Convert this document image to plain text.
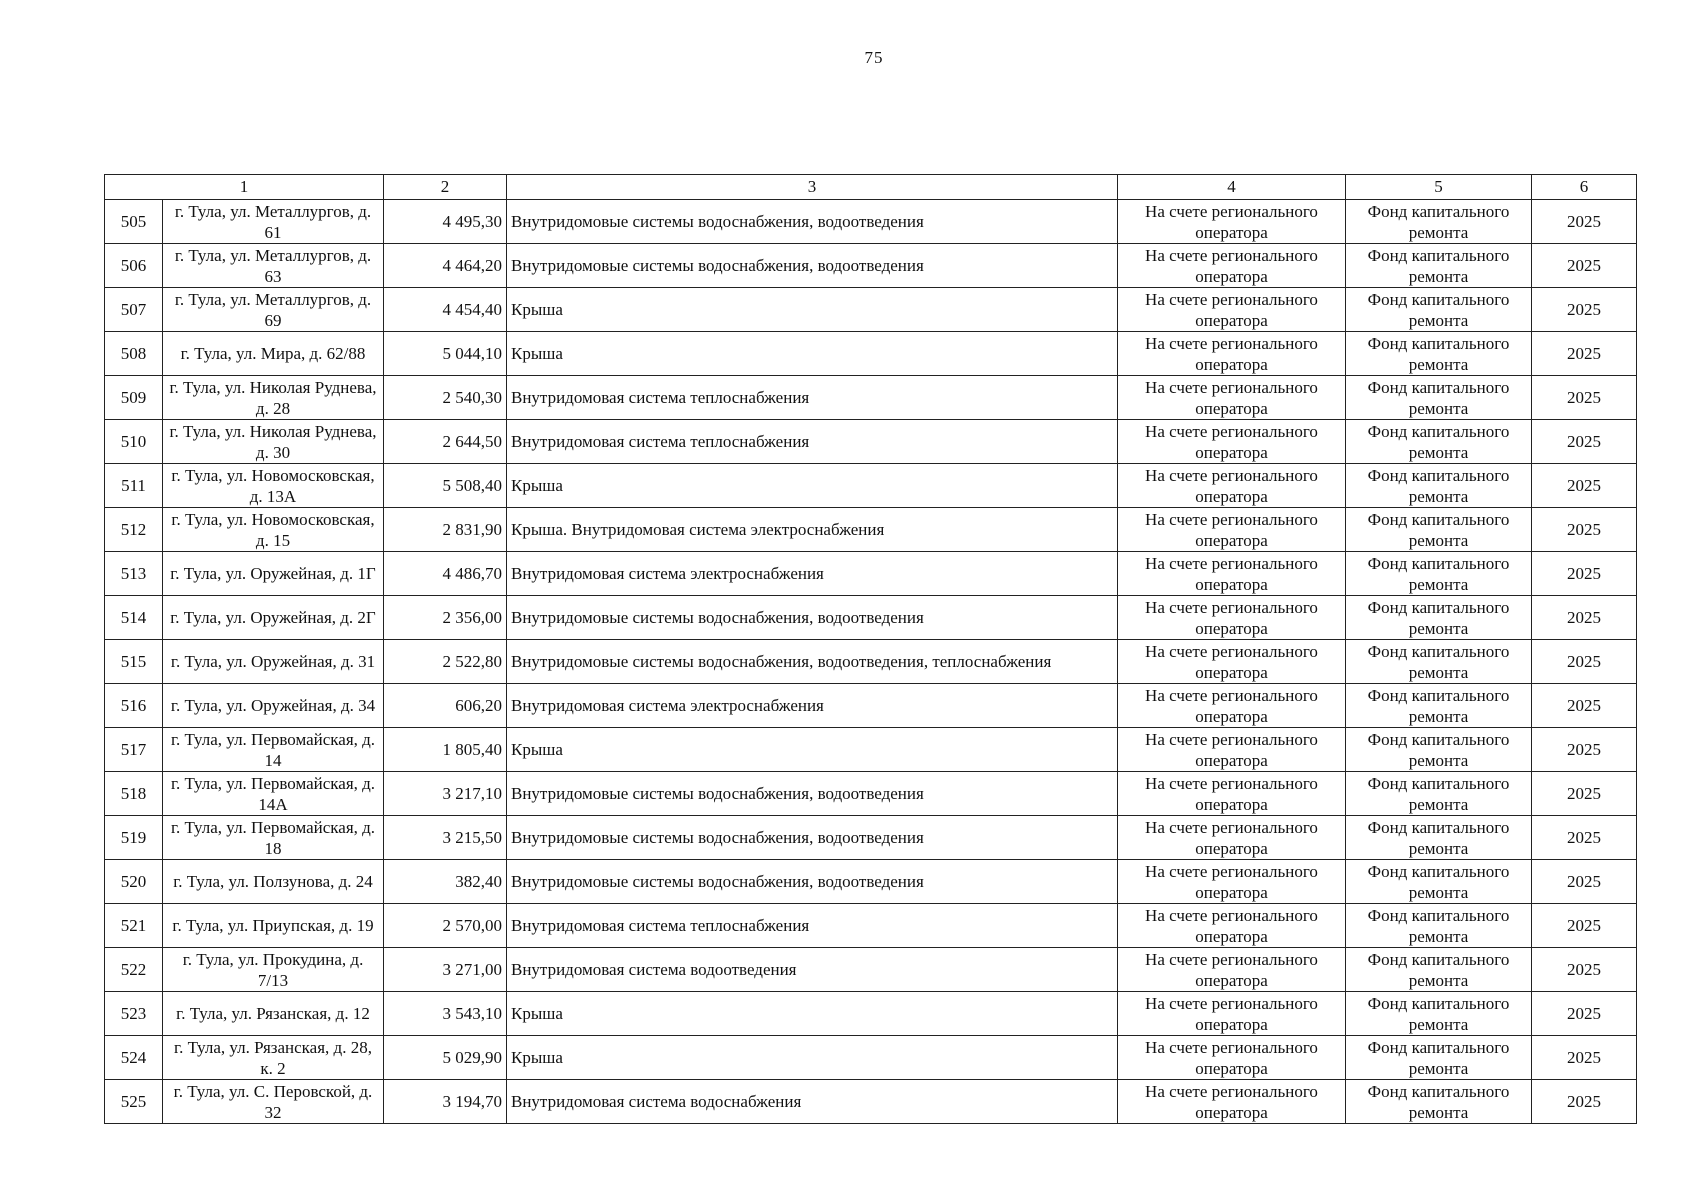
75
1		2	3	4	5	6
505	г. Тула, ул. Металлургов, д. 61	4 495,30	Внутридомовые системы водоснабжения, водоотведения	На счете регионального оператора	Фонд капитального ремонта	2025
506	г. Тула, ул. Металлургов, д. 63	4 464,20	Внутридомовые системы водоснабжения, водоотведения	На счете регионального оператора	Фонд капитального ремонта	2025
507	г. Тула, ул. Металлургов, д. 69	4 454,40	Крыша	На счете регионального оператора	Фонд капитального ремонта	2025
508	г. Тула, ул. Мира, д. 62/88	5 044,10	Крыша	На счете регионального оператора	Фонд капитального ремонта	2025
509	г. Тула, ул. Николая Руднева, д. 28	2 540,30	Внутридомовая система теплоснабжения	На счете регионального оператора	Фонд капитального ремонта	2025
510	г. Тула, ул. Николая Руднева, д. 30	2 644,50	Внутридомовая система теплоснабжения	На счете регионального оператора	Фонд капитального ремонта	2025
511	г. Тула, ул. Новомосковская, д. 13А	5 508,40	Крыша	На счете регионального оператора	Фонд капитального ремонта	2025
512	г. Тула, ул. Новомосковская, д. 15	2 831,90	Крыша. Внутридомовая система электроснабжения	На счете регионального оператора	Фонд капитального ремонта	2025
513	г. Тула, ул. Оружейная, д. 1Г	4 486,70	Внутридомовая система электроснабжения	На счете регионального оператора	Фонд капитального ремонта	2025
514	г. Тула, ул. Оружейная, д. 2Г	2 356,00	Внутридомовые системы водоснабжения, водоотведения	На счете регионального оператора	Фонд капитального ремонта	2025
515	г. Тула, ул. Оружейная, д. 31	2 522,80	Внутридомовые системы водоснабжения, водоотведения, теплоснабжения	На счете регионального оператора	Фонд капитального ремонта	2025
516	г. Тула, ул. Оружейная, д. 34	606,20	Внутридомовая система электроснабжения	На счете регионального оператора	Фонд капитального ремонта	2025
517	г. Тула, ул. Первомайская, д. 14	1 805,40	Крыша	На счете регионального оператора	Фонд капитального ремонта	2025
518	г. Тула, ул. Первомайская, д. 14А	3 217,10	Внутридомовые системы водоснабжения, водоотведения	На счете регионального оператора	Фонд капитального ремонта	2025
519	г. Тула, ул. Первомайская, д. 18	3 215,50	Внутридомовые системы водоснабжения, водоотведения	На счете регионального оператора	Фонд капитального ремонта	2025
520	г. Тула, ул. Ползунова, д. 24	382,40	Внутридомовые системы водоснабжения, водоотведения	На счете регионального оператора	Фонд капитального ремонта	2025
521	г. Тула, ул. Приупская, д. 19	2 570,00	Внутридомовая система теплоснабжения	На счете регионального оператора	Фонд капитального ремонта	2025
522	г. Тула, ул. Прокудина, д. 7/13	3 271,00	Внутридомовая система водоотведения	На счете регионального оператора	Фонд капитального ремонта	2025
523	г. Тула, ул. Рязанская, д. 12	3 543,10	Крыша	На счете регионального оператора	Фонд капитального ремонта	2025
524	г. Тула, ул. Рязанская, д. 28, к. 2	5 029,90	Крыша	На счете регионального оператора	Фонд капитального ремонта	2025
525	г. Тула, ул. С. Перовской, д. 32	3 194,70	Внутридомовая система водоснабжения	На счете регионального оператора	Фонд капитального ремонта	2025
